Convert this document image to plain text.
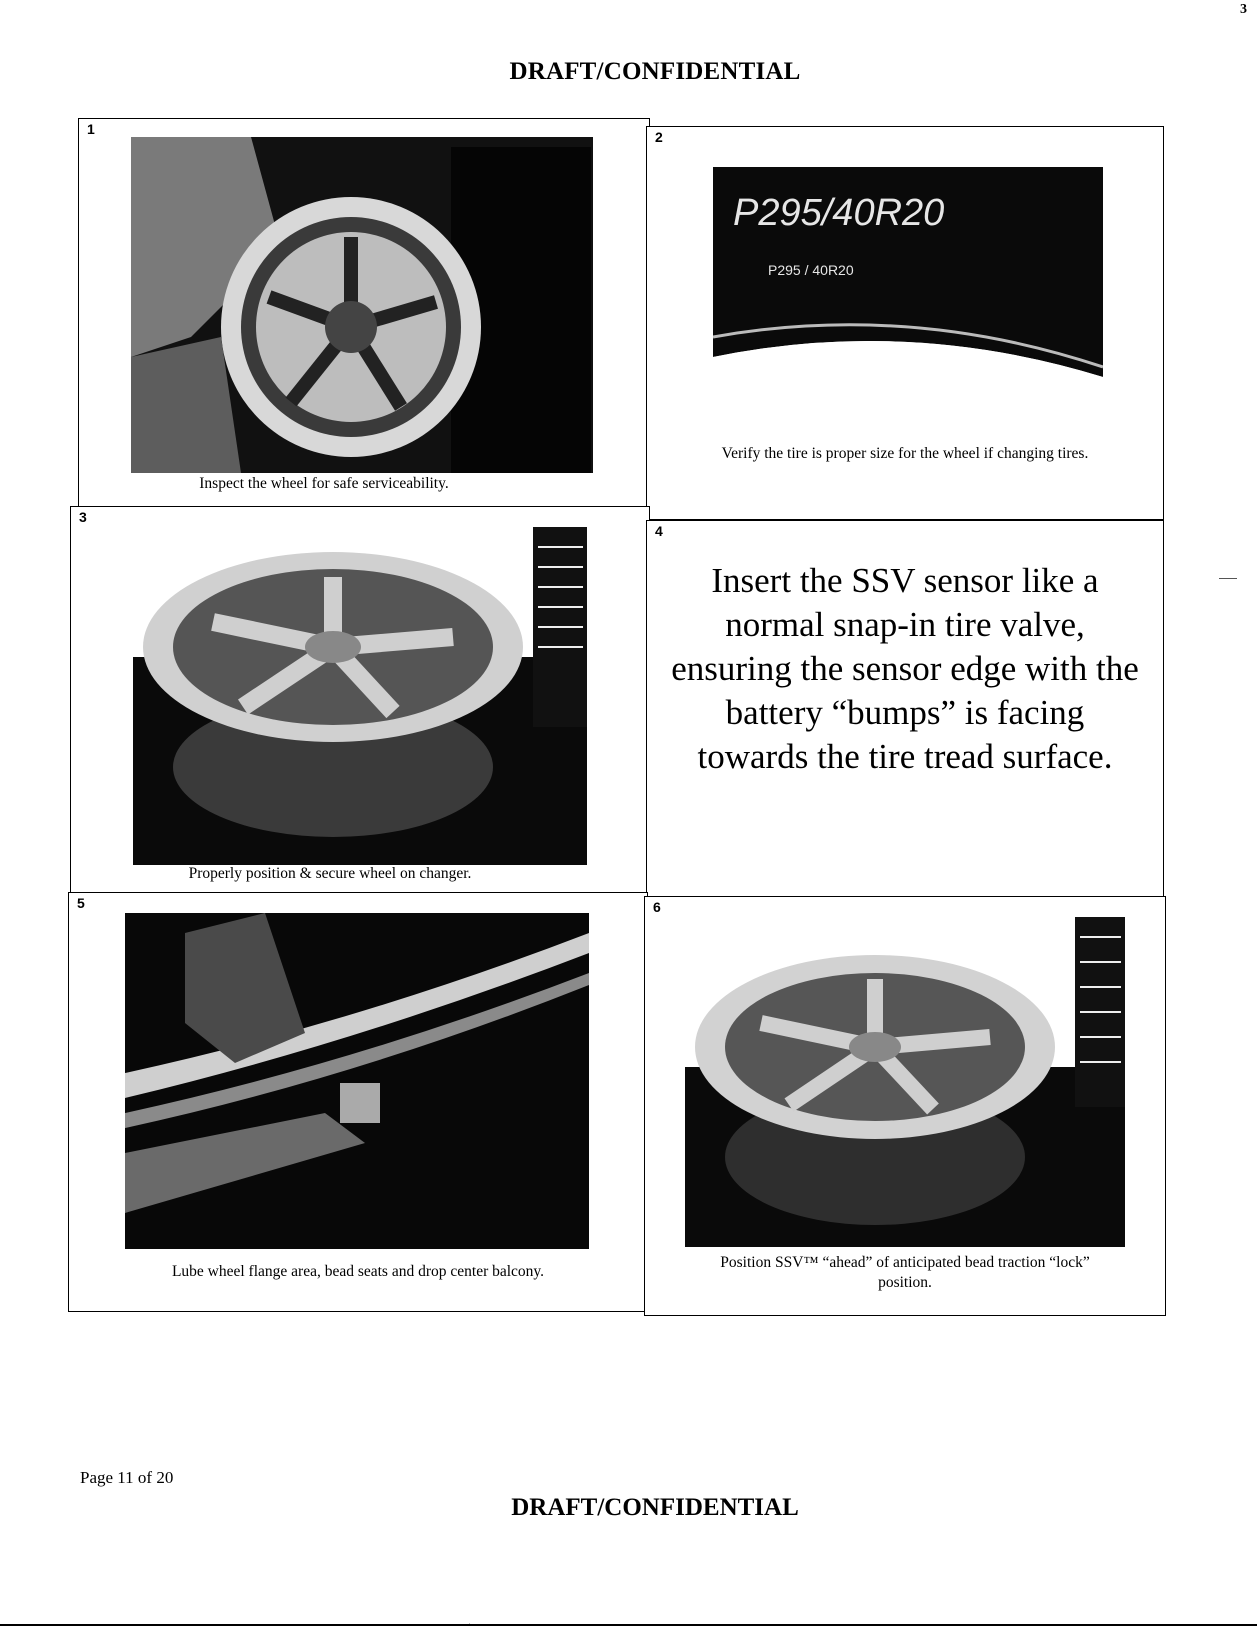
3
DRAFT/CONFIDENTIAL
1
Inspect the wheel for safe serviceability.
2
P295/40R20
P295 / 40R20
Verify the tire is proper size for the wheel if changing tires.
3
Properly position & secure wheel on changer.
4
Insert the SSV sensor like a
normal snap-in tire valve,
ensuring the sensor edge with the
battery “bumps” is facing
towards the tire tread surface.
5
Lube wheel flange area, bead seats and drop center balcony.
6
Position SSV™ “ahead” of anticipated bead traction “lock”
position.
Page 11 of 20
DRAFT/CONFIDENTIAL
.
